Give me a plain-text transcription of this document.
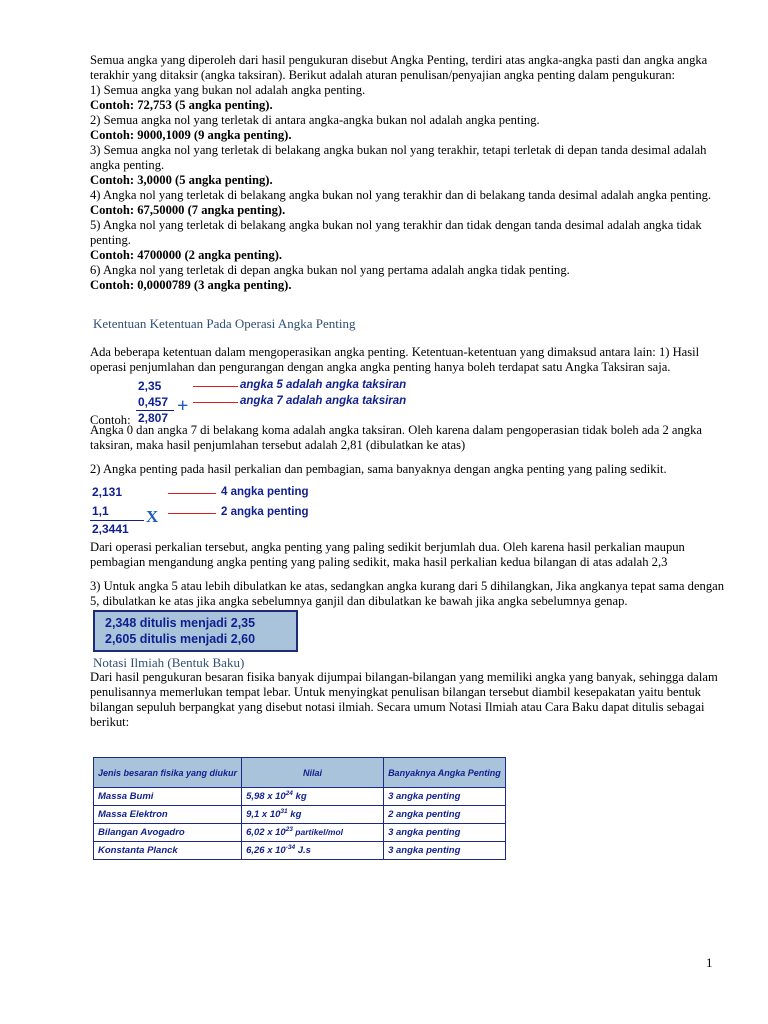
Semua angka yang diperoleh dari hasil pengukuran disebut Angka Penting, terdiri atas angka-angka pasti dan angka angka terakhir yang ditaksir (angka taksiran). Berikut adalah aturan penulisan/penyajian angka penting dalam pengukuran:

1) Semua angka yang bukan nol adalah angka penting.

Contoh: 72,753 (5 angka penting).

2) Semua angka nol yang terletak di antara angka-angka bukan nol adalah angka penting.

Contoh: 9000,1009 (9 angka penting).

3) Semua angka nol yang terletak di belakang angka bukan nol yang terakhir, tetapi terletak di depan tanda desimal adalah angka penting.

Contoh: 3,0000 (5 angka penting).

4) Angka nol yang terletak di belakang angka bukan nol yang terakhir dan di belakang tanda desimal adalah angka penting.

Contoh: 67,50000 (7 angka penting).

5) Angka nol yang terletak di belakang angka bukan nol yang terakhir dan tidak dengan tanda desimal adalah angka tidak penting.

Contoh: 4700000 (2 angka penting).

6) Angka nol yang terletak di depan angka bukan nol yang pertama adalah angka tidak penting.

Contoh: 0,0000789 (3 angka penting).

Ketentuan Ketentuan Pada Operasi Angka Penting

Ada beberapa ketentuan dalam mengoperasikan angka penting. Ketentuan-ketentuan yang dimaksud antara lain: 1) Hasil operasi penjumlahan dan pengurangan dengan angka angka penting hanya boleh terdapat satu Angka Taksiran saja.

2,35
0,457 +
2,807
angka 5 adalah angka taksiran
angka 7 adalah angka taksiran
Contoh:

Angka 0 dan angka 7 di belakang koma adalah angka taksiran. Oleh karena dalam pengoperasian tidak boleh ada 2 angka taksiran, maka hasil penjumlahan tersebut adalah 2,81 (dibulatkan ke atas)

2) Angka penting pada hasil perkalian dan pembagian, sama banyaknya dengan angka penting yang paling sedikit.

2,131
1,1 X
2,3441
4 angka penting
2 angka penting

Dari operasi perkalian tersebut, angka penting yang paling sedikit berjumlah dua. Oleh karena hasil perkalian maupun pembagian mengandung angka penting yang paling sedikit, maka hasil perkalian kedua bilangan di atas adalah 2,3

3) Untuk angka 5 atau lebih dibulatkan ke atas, sedangkan angka kurang dari 5 dihilangkan, Jika angkanya tepat sama dengan 5, dibulatkan ke atas jika angka sebelumnya ganjil dan dibulatkan ke bawah jika angka sebelumnya genap.

2,348 ditulis menjadi 2,35
2,605 ditulis menjadi 2,60

Notasi Ilmiah (Bentuk Baku)

Dari hasil pengukuran besaran fisika banyak dijumpai bilangan-bilangan yang memiliki angka yang banyak, sehingga dalam penulisannya memerlukan tempat lebar. Untuk menyingkat penulisan bilangan tersebut diambil kesepakatan yaitu bentuk bilangan sepuluh berpangkat yang disebut notasi ilmiah. Secara umum Notasi Ilmiah atau Cara Baku dapat ditulis sebagai berikut:

Jenis besaran fisika yang diukur	Nilai	Banyaknya Angka Penting
Massa Bumi	5,98 x $10^{24}$ kg	3 angka penting
Massa Elektron	9,1 x $10^{31}$ kg	2 angka penting
Bilangan Avogadro	6,02 x $10^{23}$ partikel/mol	3 angka penting
Konstanta Planck	6,26 x $10^{-34}$ J.s	3 angka penting
1
